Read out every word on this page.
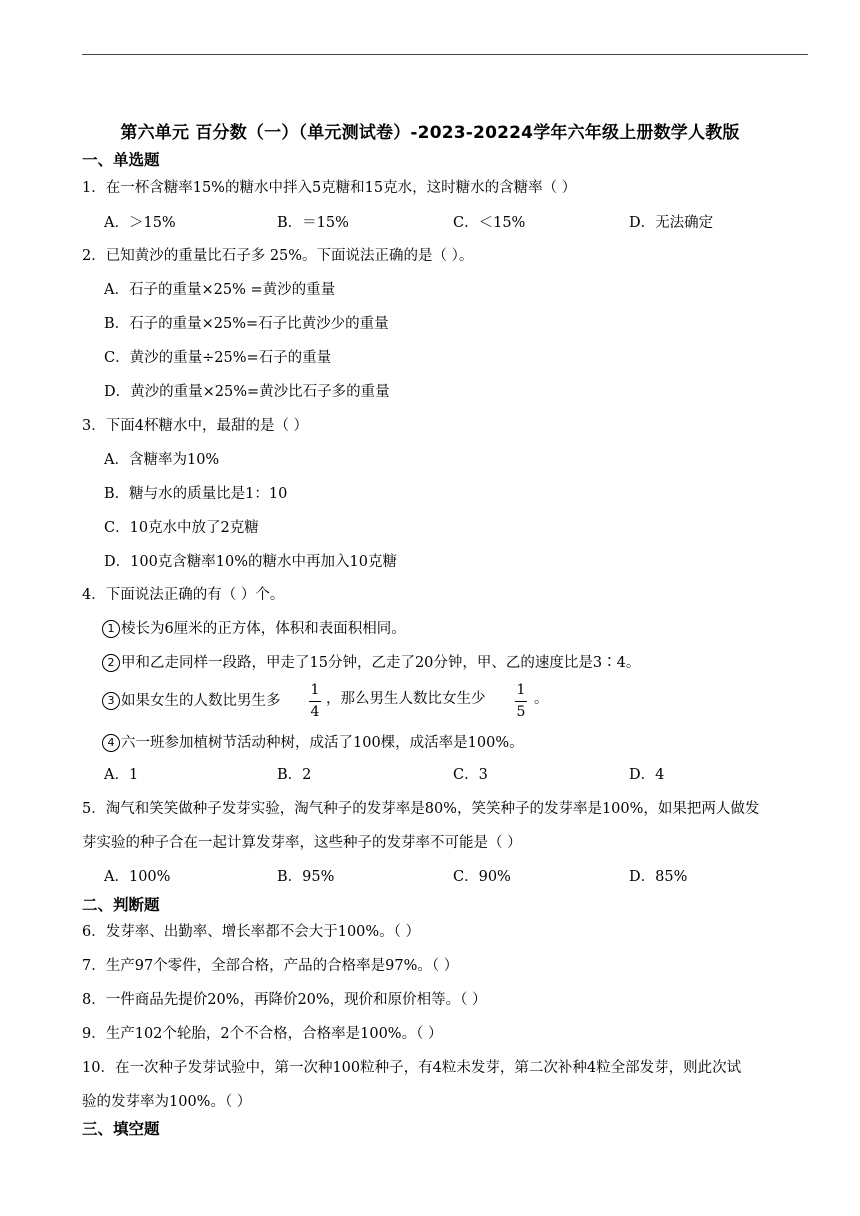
第六单元 百分数（一）（单元测试卷）-2023-20224学年六年级上册数学人教版
一、单选题
1．在一杯含糖率15%的糖水中拌入5克糖和15克水，这时糖水的含糖率（ ）
A．＞15%	B．＝15%	C．＜15%	D．无法确定
2．已知黄沙的重量比石子多 25%。下面说法正确的是（ ）。
A．石子的重量×25% =黄沙的重量
B．石子的重量×25%=石子比黄沙少的重量
C．黄沙的重量÷25%=石子的重量
D．黄沙的重量×25%=黄沙比石子多的重量
3．下面4杯糖水中，最甜的是（ ）
A．含糖率为10%
B．糖与水的质量比是1：10
C．10克水中放了2克糖
D．100克含糖率10%的糖水中再加入10克糖
4．下面说法正确的有（ ）个。
1 棱长为6厘米的正方体，体积和表面积相同。
2 甲和乙走同样一段路，甲走了15分钟，乙走了20分钟，甲、乙的速度比是3∶4。
3 如果女生的人数比男生多
1
4
，那么男生人数比女生少
1
5
。
4 六一班参加植树节活动种树，成活了100棵，成活率是100%。
A．1	B．2	C．3	D．4
5．淘气和笑笑做种子发芽实验，淘气种子的发芽率是80%，笑笑种子的发芽率是100%，如果把两人做发
芽实验的种子合在一起计算发芽率，这些种子的发芽率不可能是（ ）
A．100%	B．95%	C．90%	D．85%
二、判断题
6．发芽率、出勤率、增长率都不会大于100%。（ ）
7．生产97个零件，全部合格，产品的合格率是97%。（ ）
8．一件商品先提价20%，再降价20%，现价和原价相等。（ ）
9．生产102个轮胎，2个不合格，合格率是100%。（ ）
10．在一次种子发芽试验中，第一次种100粒种子，有4粒未发芽，第二次补种4粒全部发芽，则此次试
验的发芽率为100%。（ ）
三、填空题
